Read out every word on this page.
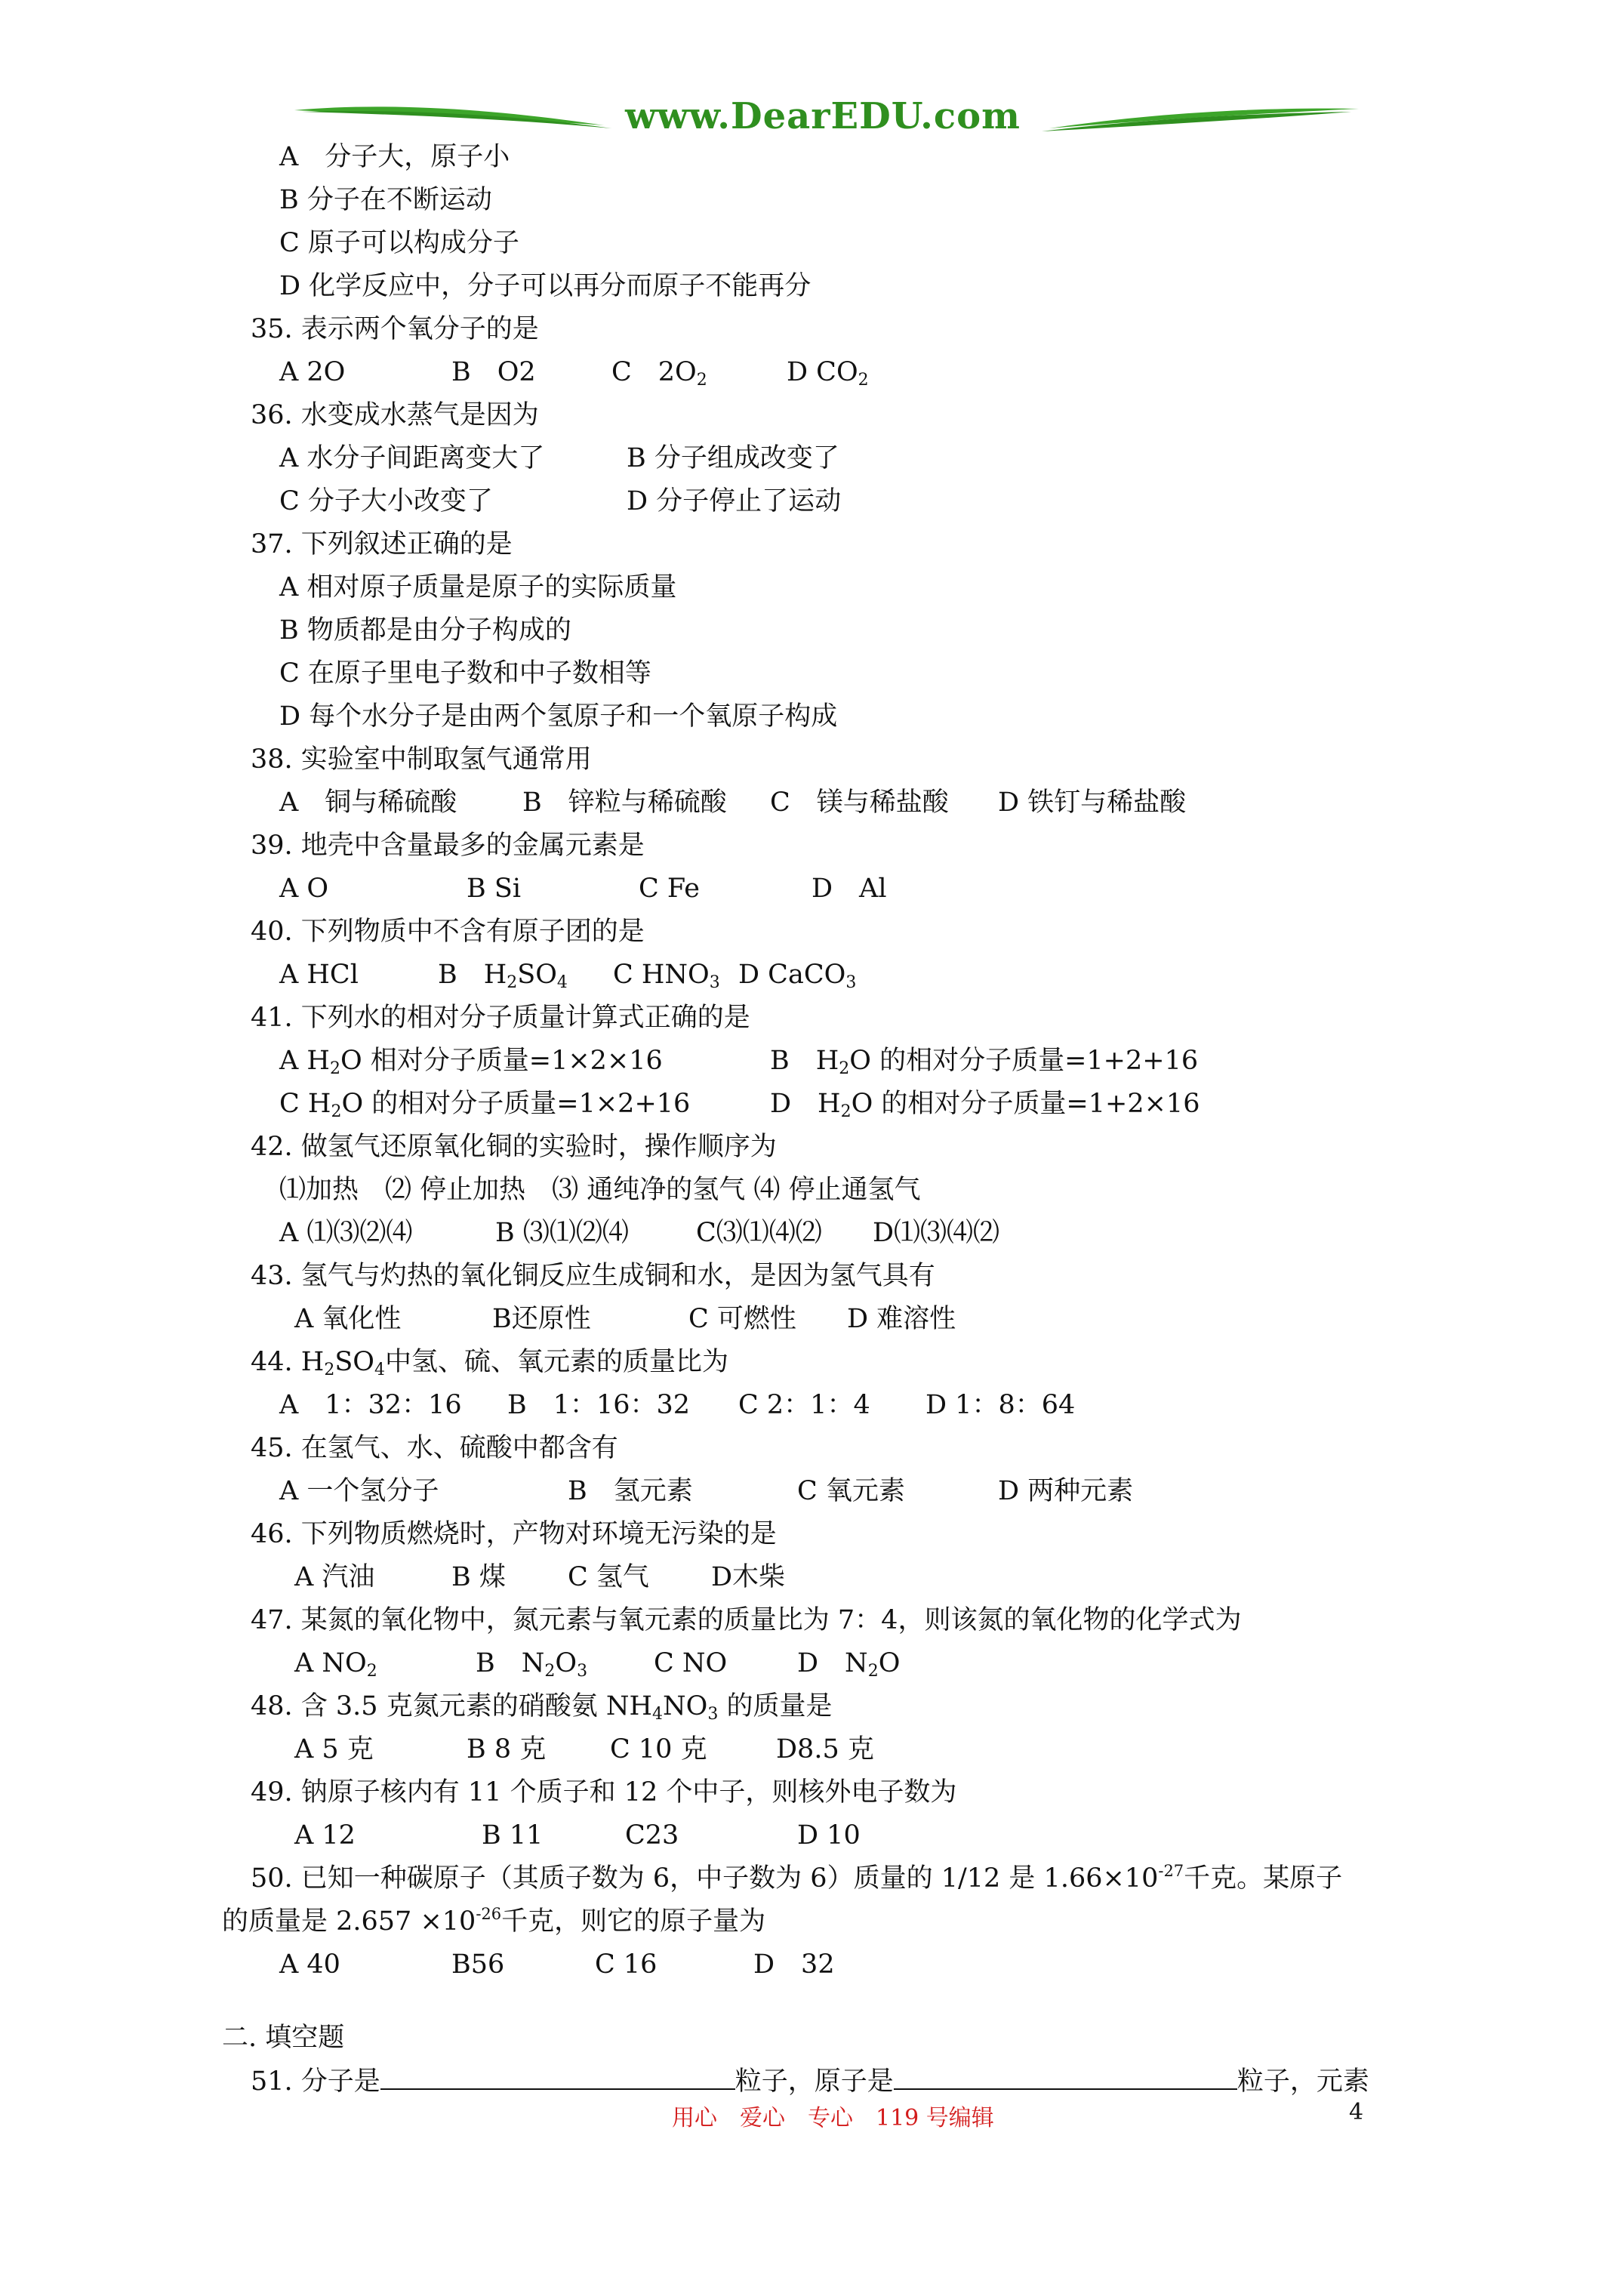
www.DearEDU.com
A　分子大，原子小
B 分子在不断运动
C 原子可以构成分子
D 化学反应中，分子可以再分而原子不能再分
35. 表示两个氧分子的是
A 2O	B　O2	C　$2O_2$	D $CO_2$
36. 水变成水蒸气是因为
A 水分子间距离变大了	B 分子组成改变了
C 分子大小改变了	D 分子停止了运动
37. 下列叙述正确的是
A 相对原子质量是原子的实际质量
B 物质都是由分子构成的
C 在原子里电子数和中子数相等
D 每个水分子是由两个氢原子和一个氧原子构成
38. 实验室中制取氢气通常用
A　铜与稀硫酸 B　锌粒与稀硫酸 C　镁与稀盐酸 D 铁钉与稀盐酸
39. 地壳中含量最多的金属元素是
A O	B Si	C Fe	D　Al
40. 下列物质中不含有原子团的是
A HCl	B　$H_2SO_4$ C $HNO_3$ D CaCO$_3$
41. 下列水的相对分子质量计算式正确的是
A $H_2O$ 相对分子质量=1×2×16	B　$H_2O$ 的相对分子质量=1+2+16
C $H_2O$ 的相对分子质量=1×2+16	D　$H_2O$ 的相对分子质量=1+2×16
42. 做氢气还原氧化铜的实验时，操作顺序为
⑴加热　⑵ 停止加热　⑶ 通纯净的氢气 ⑷ 停止通氢气
A ⑴⑶⑵⑷	B ⑶⑴⑵⑷	C⑶⑴⑷⑵ D⑴⑶⑷⑵
43. 氢气与灼热的氧化铜反应生成铜和水，是因为氢气具有
A 氧化性	B还原性	C 可燃性 D 难溶性
44. $H_2SO_4$中氢、硫、氧元素的质量比为
A　1：32：16 B　1：16：32 C 2：1：4 D 1：8：64
45. 在氢气、水、硫酸中都含有
A 一个氢分子	B　氢元素	C 氧元素	D 两种元素
46. 下列物质燃烧时，产物对环境无污染的是
A 汽油	B 煤 C 氢气 D木柴
47. 某氮的氧化物中，氮元素与氧元素的质量比为 7：4，则该氮的氧化物的化学式为
A $NO_2$	B　$N_2O_3$	C NO	D　$N_2O$
48. 含 3.5 克氮元素的硝酸氨 $NH_4NO_3$ 的质量是
A 5 克	B 8 克 C 10 克	D8.5 克
49. 钠原子核内有 11 个质子和 12 个中子，则核外电子数为
A 12	B 11	C23	D 10
50. 已知一种碳原子（其质子数为 6，中子数为 6）质量的 1/12 是 $1.66\times 10^{-27}$千克。某原子
的质量是 $2.657 \times 10^{-26}$千克，则它的原子量为
A 40	B56	C 16	D　32
二. 填空题
51. 分子是	粒子，原子是	粒子，元素
用心　爱心　专心　119 号编辑	4
